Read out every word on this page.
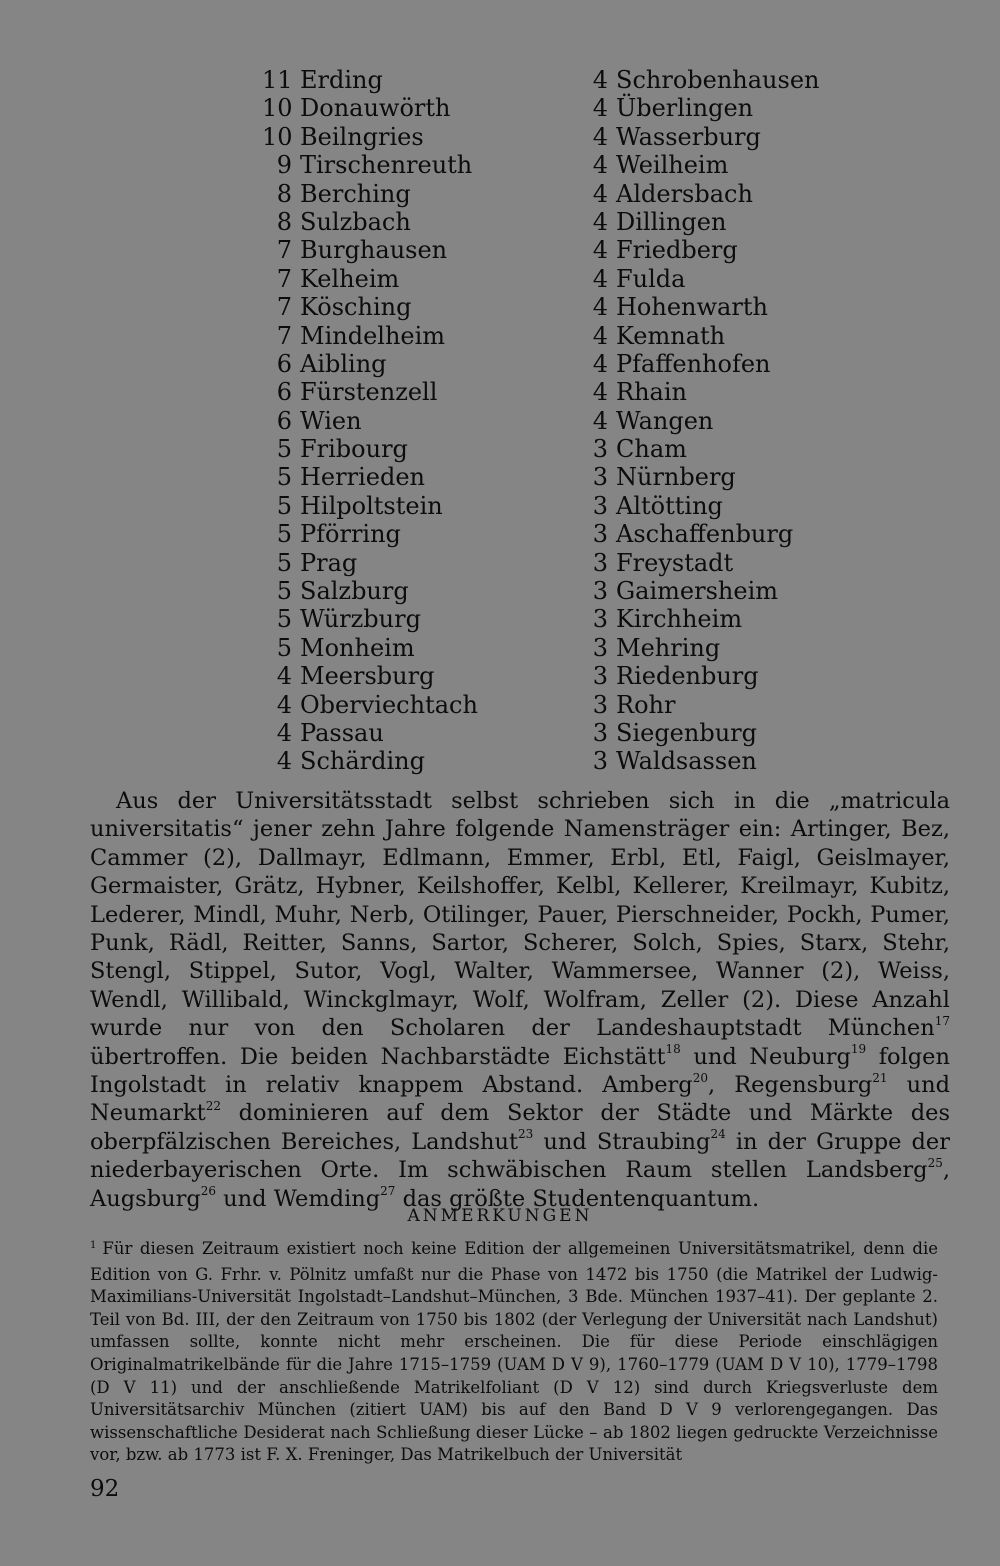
11 Erding
10 Donauwörth
10 Beilngries
9 Tirschenreuth
8 Berching
8 Sulzbach
7 Burghausen
7 Kelheim
7 Kösching
7 Mindelheim
6 Aibling
6 Fürstenzell
6 Wien
5 Fribourg
5 Herrieden
5 Hilpoltstein
5 Pförring
5 Prag
5 Salzburg
5 Würzburg
5 Monheim
4 Meersburg
4 Oberviechtach
4 Passau
4 Schärding
4 Schrobenhausen
4 Überlingen
4 Wasserburg
4 Weilheim
4 Aldersbach
4 Dillingen
4 Friedberg
4 Fulda
4 Hohenwarth
4 Kemnath
4 Pfaffenhofen
4 Rhain
4 Wangen
3 Cham
3 Nürnberg
3 Altötting
3 Aschaffenburg
3 Freystadt
3 Gaimersheim
3 Kirchheim
3 Mehring
3 Riedenburg
3 Rohr
3 Siegenburg
3 Waldsassen

Aus der Universitätsstadt selbst schrieben sich in die „matricula universitatis“ jener zehn Jahre folgende Namensträger ein: Artinger, Bez, Cammer (2), Dallmayr, Edlmann, Emmer, Erbl, Etl, Faigl, Geislmayer, Germaister, Grätz, Hybner, Keilshoffer, Kelbl, Kellerer, Kreilmayr, Kubitz, Lederer, Mindl, Muhr, Nerb, Otilinger, Pauer, Pierschneider, Pockh, Pumer, Punk, Rädl, Reitter, Sanns, Sartor, Scherer, Solch, Spies, Starx, Stehr, Stengl, Stippel, Sutor, Vogl, Walter, Wammersee, Wanner (2), Weiss, Wendl, Willibald, Winckglmayr, Wolf, Wolfram, Zeller (2). Diese Anzahl wurde nur von den Scholaren der Landeshauptstadt München$^{17}$ übertroffen. Die beiden Nachbarstädte Eichstätt$^{18}$ und Neuburg$^{19}$ folgen Ingolstadt in relativ knappem Abstand. Amberg$^{20}$, Regensburg$^{21}$ und Neumarkt$^{22}$ dominieren auf dem Sektor der Städte und Märkte des oberpfälzischen Bereiches, Landshut$^{23}$ und Straubing$^{24}$ in der Gruppe der niederbayerischen Orte. Im schwäbischen Raum stellen Landsberg$^{25}$, Augsburg$^{26}$ und Wemding$^{27}$ das größte Studentenquantum.

ANMERKUNGEN
$^1$ Für diesen Zeitraum existiert noch keine Edition der allgemeinen Universitätsmatrikel, denn die Edition von G. Frhr. v. Pölnitz umfaßt nur die Phase von 1472 bis 1750 (die Matrikel der Ludwig-Maximilians-Universität Ingolstadt–Landshut–München, 3 Bde. München 1937–41). Der geplante 2. Teil von Bd. III, der den Zeitraum von 1750 bis 1802 (der Verlegung der Universität nach Landshut) umfassen sollte, konnte nicht mehr erscheinen. Die für diese Periode einschlägigen Originalmatrikelbände für die Jahre 1715–1759 (UAM D V 9), 1760–1779 (UAM D V 10), 1779–1798 (D V 11) und der anschließende Matrikelfoliant (D V 12) sind durch Kriegsverluste dem Universitätsarchiv München (zitiert UAM) bis auf den Band D V 9 verlorengegangen. Das wissenschaftliche Desiderat nach Schließung dieser Lücke – ab 1802 liegen gedruckte Verzeichnisse vor, bzw. ab 1773 ist F. X. Freninger, Das Matrikelbuch der Universität
92
